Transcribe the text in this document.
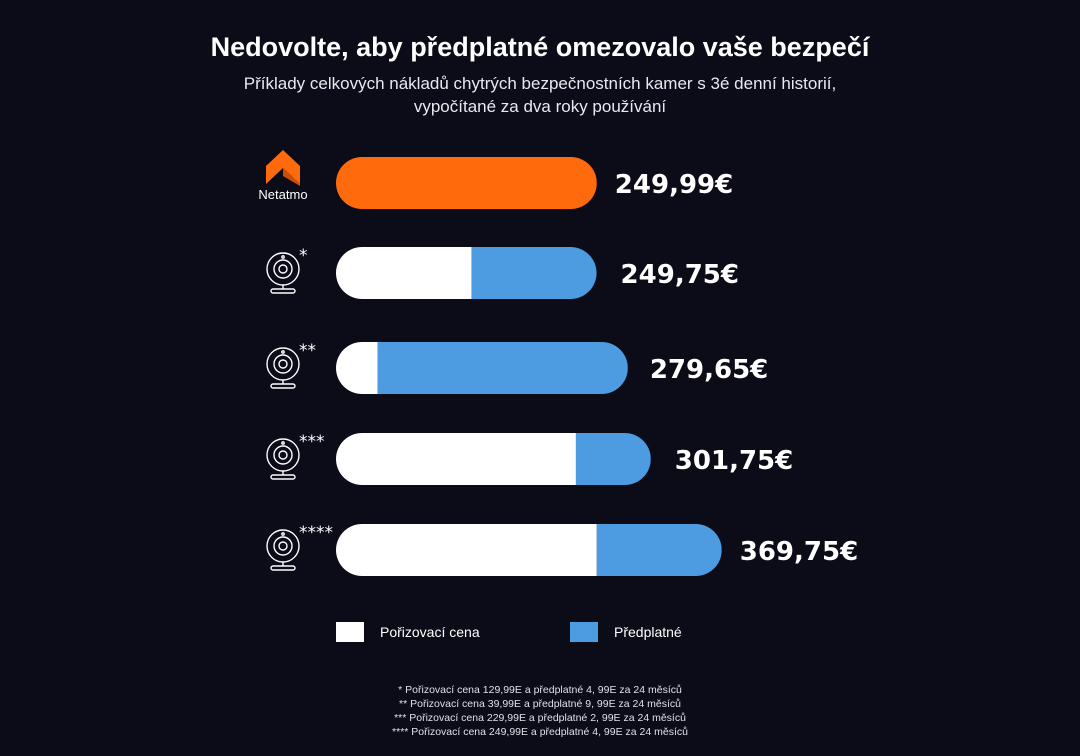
Nedovolte, aby předplatné omezovalo vaše bezpečí
Příklady celkových nákladů chytrých bezpečnostních kamer s 3é denní historií,
vypočítané za dva roky používání
249,99€
Netatmo
249,75€
*
279,65€
**
301,75€
***
369,75€
****
Pořizovací cena	Předplatné
* Pořizovací cena 129,99E a předplatné 4, 99E za 24 měsíců
** Pořizovací cena 39,99E a předplatné 9, 99E za 24 měsíců
*** Pořizovací cena 229,99E a předplatné 2, 99E za 24 měsíců
**** Pořizovací cena 249,99E a předplatné 4, 99E za 24 měsíců
